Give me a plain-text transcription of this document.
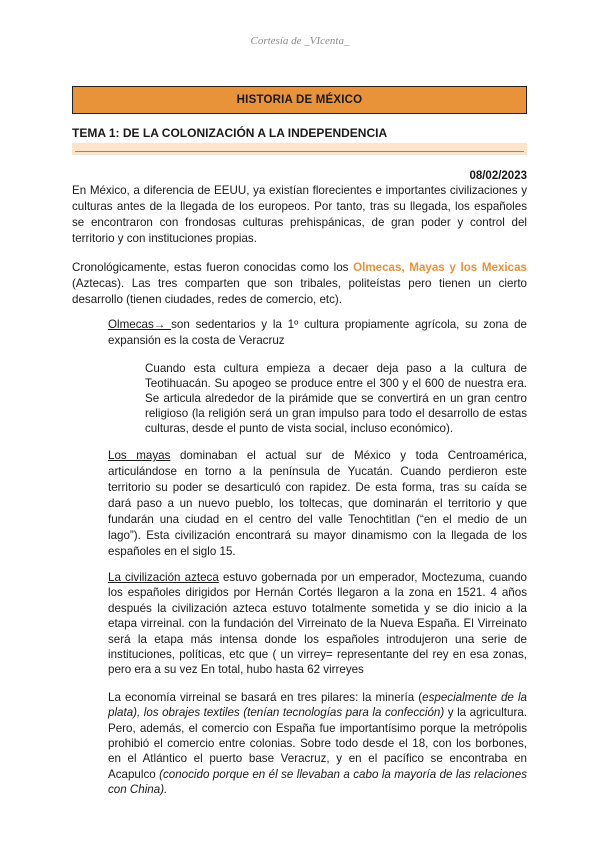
Cortesía de _VIcenta_
HISTORIA DE MÉXICO
TEMA 1: DE LA COLONIZACIÓN A LA INDEPENDENCIA
08/02/2023

En México, a diferencia de EEUU, ya existían florecientes e importantes civilizaciones y culturas antes de la llegada de los europeos. Por tanto, tras su llegada, los españoles se encontraron con frondosas culturas prehispánicas, de gran poder y control del territorio y con instituciones propias.

Cronológicamente, estas fueron conocidas como los Olmecas, Mayas y los Mexicas (Aztecas). Las tres comparten que son tribales, politeístas pero tienen un cierto desarrollo (tienen ciudades, redes de comercio, etc).

Olmecas→ son sedentarios y la 1º cultura propiamente agrícola, su zona de expansión es la costa de Veracruz

Cuando esta cultura empieza a decaer deja paso a la cultura de Teotihuacán. Su apogeo se produce entre el 300 y el 600 de nuestra era. Se articula alrededor de la pirámide que se convertirá en un gran centro religioso (la religión será un gran impulso para todo el desarrollo de estas culturas, desde el punto de vista social, incluso económico).

Los mayas dominaban el actual sur de México y toda Centroamérica, articulándose en torno a la península de Yucatán. Cuando perdieron este territorio su poder se desarticuló con rapidez. De esta forma, tras su caída se dará paso a un nuevo pueblo, los toltecas, que dominarán el territorio y que fundarán una ciudad en el centro del valle Tenochtitlan (“en el medio de un lago”). Esta civilización encontrará su mayor dinamismo con la llegada de los españoles en el siglo 15.

La civilización azteca estuvo gobernada por un emperador, Moctezuma, cuando los españoles dirigidos por Hernán Cortés llegaron a la zona en 1521. 4 años después la civilización azteca estuvo totalmente sometida y se dio inicio a la etapa virreinal. con la fundación del Virreinato de la Nueva España. El Virreinato será la etapa más intensa donde los españoles introdujeron una serie de instituciones, políticas, etc que ( un virrey= representante del rey en esa zonas, pero era a su vez En total, hubo hasta 62 virreyes

La economía virreinal se basará en tres pilares: la minería (especialmente de la plata), los obrajes textiles (tenían tecnologías para la confección) y la agricultura. Pero, además, el comercio con España fue importantísimo porque la metrópolis prohibió el comercio entre colonias. Sobre todo desde el 18, con los borbones, en el Atlántico el puerto base Veracruz, y en el pacífico se encontraba en Acapulco (conocido porque en él se llevaban a cabo la mayoría de las relaciones con China).
